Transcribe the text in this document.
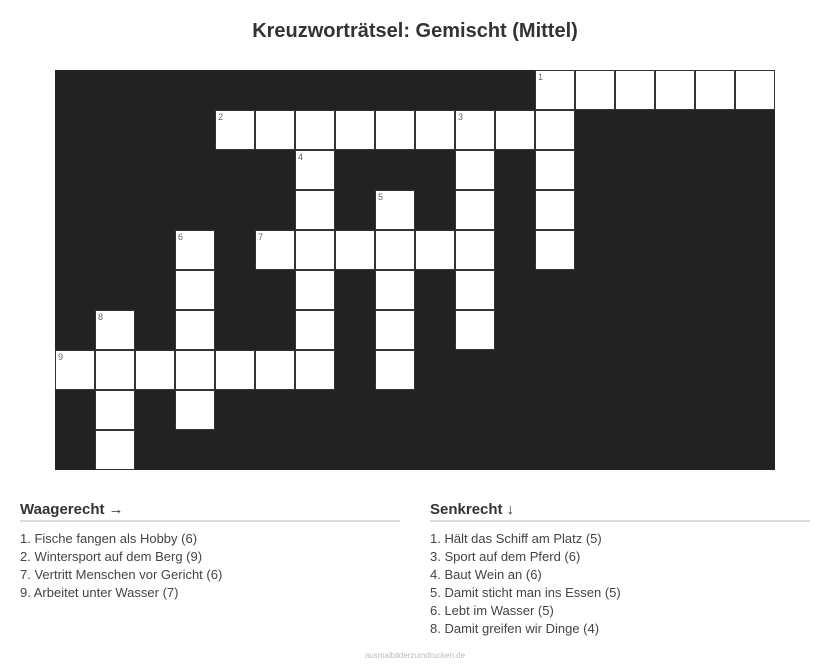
Kreuzworträtsel: Gemischt (Mittel)
1
2	3
4
5
6	7
8
9
Waagerecht →
1. Fische fangen als Hobby (6)
2. Wintersport auf dem Berg (9)
7. Vertritt Menschen vor Gericht (6)
9. Arbeitet unter Wasser (7)
Senkrecht ↓
1. Hält das Schiff am Platz (5)
3. Sport auf dem Pferd (6)
4. Baut Wein an (6)
5. Damit sticht man ins Essen (5)
6. Lebt im Wasser (5)
8. Damit greifen wir Dinge (4)
ausmalbilderzumdrucken.de
